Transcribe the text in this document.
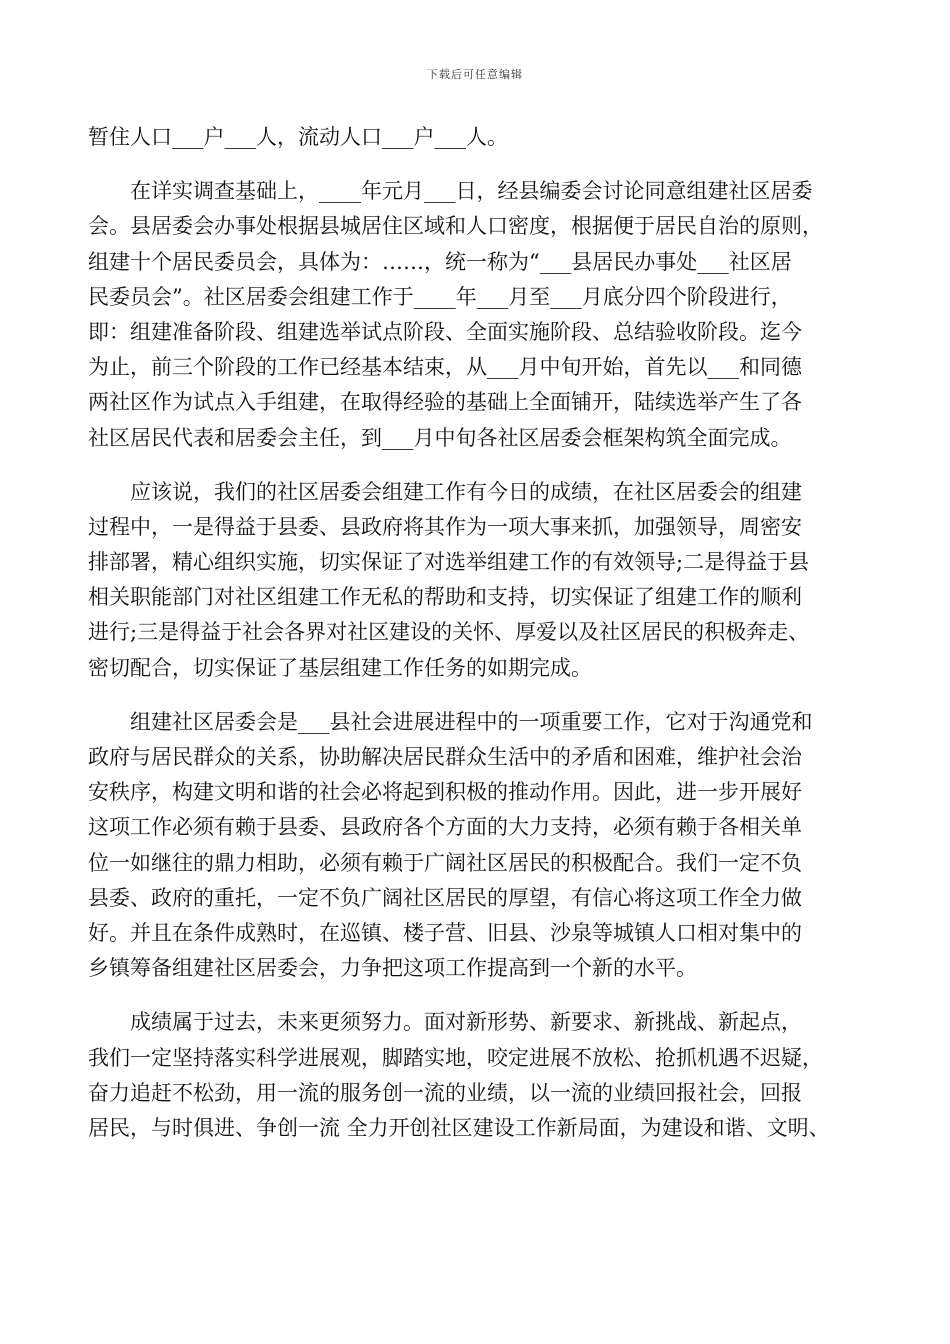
下载后可任意编辑
暂住人口___户___人，流动人口___户___人。
　　在详实调查基础上，____年元月___日，经县编委会讨论同意组建社区居委
会。县居委会办事处根据县城居住区域和人口密度，根据便于居民自治的原则，
组建十个居民委员会，具体为：……，统一称为“___县居民办事处___社区居
民委员会”。社区居委会组建工作于____年___月至___月底分四个阶段进行，
即：组建准备阶段、组建选举试点阶段、全面实施阶段、总结验收阶段。迄今
为止，前三个阶段的工作已经基本结束，从___月中旬开始，首先以___和同德
两社区作为试点入手组建，在取得经验的基础上全面铺开，陆续选举产生了各
社区居民代表和居委会主任，到___月中旬各社区居委会框架构筑全面完成。
　　应该说，我们的社区居委会组建工作有今日的成绩，在社区居委会的组建
过程中，一是得益于县委、县政府将其作为一项大事来抓，加强领导，周密安
排部署，精心组织实施，切实保证了对选举组建工作的有效领导;二是得益于县
相关职能部门对社区组建工作无私的帮助和支持，切实保证了组建工作的顺利
进行;三是得益于社会各界对社区建设的关怀、厚爱以及社区居民的积极奔走、
密切配合，切实保证了基层组建工作任务的如期完成。
　　组建社区居委会是___县社会进展进程中的一项重要工作，它对于沟通党和
政府与居民群众的关系，协助解决居民群众生活中的矛盾和困难，维护社会治
安秩序，构建文明和谐的社会必将起到积极的推动作用。因此，进一步开展好
这项工作必须有赖于县委、县政府各个方面的大力支持，必须有赖于各相关单
位一如继往的鼎力相助，必须有赖于广阔社区居民的积极配合。我们一定不负
县委、政府的重托，一定不负广阔社区居民的厚望，有信心将这项工作全力做
好。并且在条件成熟时，在巡镇、楼子营、旧县、沙泉等城镇人口相对集中的
乡镇筹备组建社区居委会，力争把这项工作提高到一个新的水平。
　　成绩属于过去，未来更须努力。面对新形势、新要求、新挑战、新起点，
我们一定坚持落实科学进展观，脚踏实地，咬定进展不放松、抢抓机遇不迟疑，
奋力追赶不松劲，用一流的服务创一流的业绩，以一流的业绩回报社会，回报
居民，与时俱进、争创一流 全力开创社区建设工作新局面，为建设和谐、文明、
